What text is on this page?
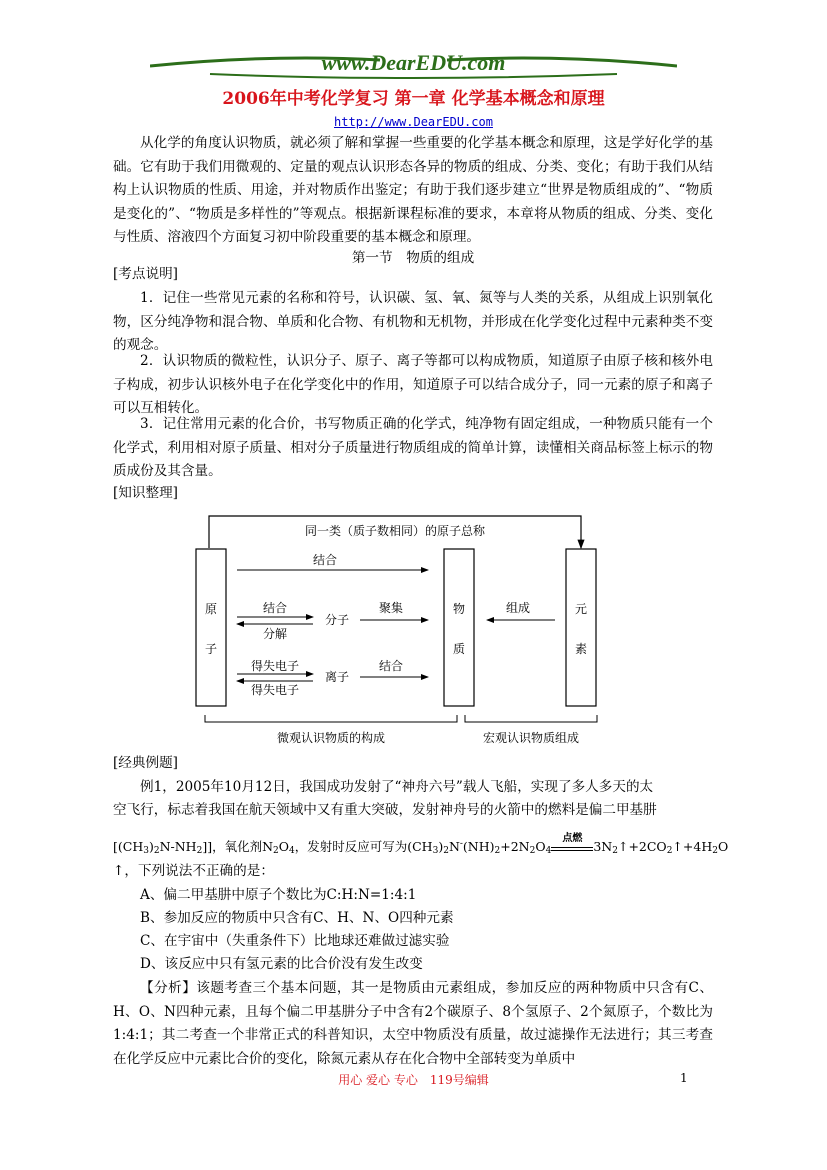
www.DearEDU.com
2006年中考化学复习 第一章 化学基本概念和原理
http://www.DearEDU.com
从化学的角度认识物质，就必须了解和掌握一些重要的化学基本概念和原理，这是学好化学的基础。它有助于我们用微观的、定量的观点认识形态各异的物质的组成、分类、变化；有助于我们从结构上认识物质的性质、用途，并对物质作出鉴定；有助于我们逐步建立“世界是物质组成的”、“物质是变化的”、“物质是多样性的”等观点。根据新课程标准的要求，本章将从物质的组成、分类、变化与性质、溶液四个方面复习初中阶段重要的基本概念和原理。
第一节　物质的组成
[考点说明]
1．记住一些常见元素的名称和符号，认识碳、氢、氧、氮等与人类的关系，从组成上识别氧化物，区分纯净物和混合物、单质和化合物、有机物和无机物，并形成在化学变化过程中元素种类不变的观念。
2．认识物质的微粒性，认识分子、原子、离子等都可以构成物质，知道原子由原子核和核外电子构成，初步认识核外电子在化学变化中的作用，知道原子可以结合成分子，同一元素的原子和离子可以互相转化。
3．记住常用元素的化合价，书写物质正确的化学式，纯净物有固定组成，一种物质只能有一个化学式，利用相对原子质量、相对分子质量进行物质组成的简单计算，读懂相关商品标签上标示的物质成份及其含量。
[知识整理]
同一类（质子数相同）的原子总称
原
子
物
质
元
素
结合
结合
分解
分子
聚集	组成
得失电子
得失电子
离子
结合
微观认识物质的构成	宏观认识物质组成
[经典例题]
例1，2005年10月12日，我国成功发射了“神舟六号”载人飞船，实现了多人多天的太
空飞行，标志着我国在航天领域中又有重大突破，发射神舟号的火箭中的燃料是偏二甲基肼
$[(CH_3)_2N-NH_2]$]，氧化剂$N_2O_4$，发射时反应可写为$(CH_3)_2N^-(NH)_2+2N_2O_4$
点燃
$3N_2↑+2CO_2↑+4H_2O$
↑，下列说法不正确的是：
A、偏二甲基肼中原子个数比为C:H:N=1:4:1
B、参加反应的物质中只含有C、H、N、O四种元素
C、在宇宙中（失重条件下）比地球还难做过滤实验
D、该反应中只有氢元素的比合价没有发生改变
【分析】该题考查三个基本问题，其一是物质由元素组成，参加反应的两种物质中只含有C、H、O、N四种元素，且每个偏二甲基肼分子中含有2个碳原子、8个氢原子、2个氮原子，个数比为1:4:1；其二考查一个非常正式的科普知识，太空中物质没有质量，故过滤操作无法进行；其三考查在化学反应中元素比合价的变化，除氮元素从存在化合物中全部转变为单质中
用心 爱心 专心　119号编辑	1
